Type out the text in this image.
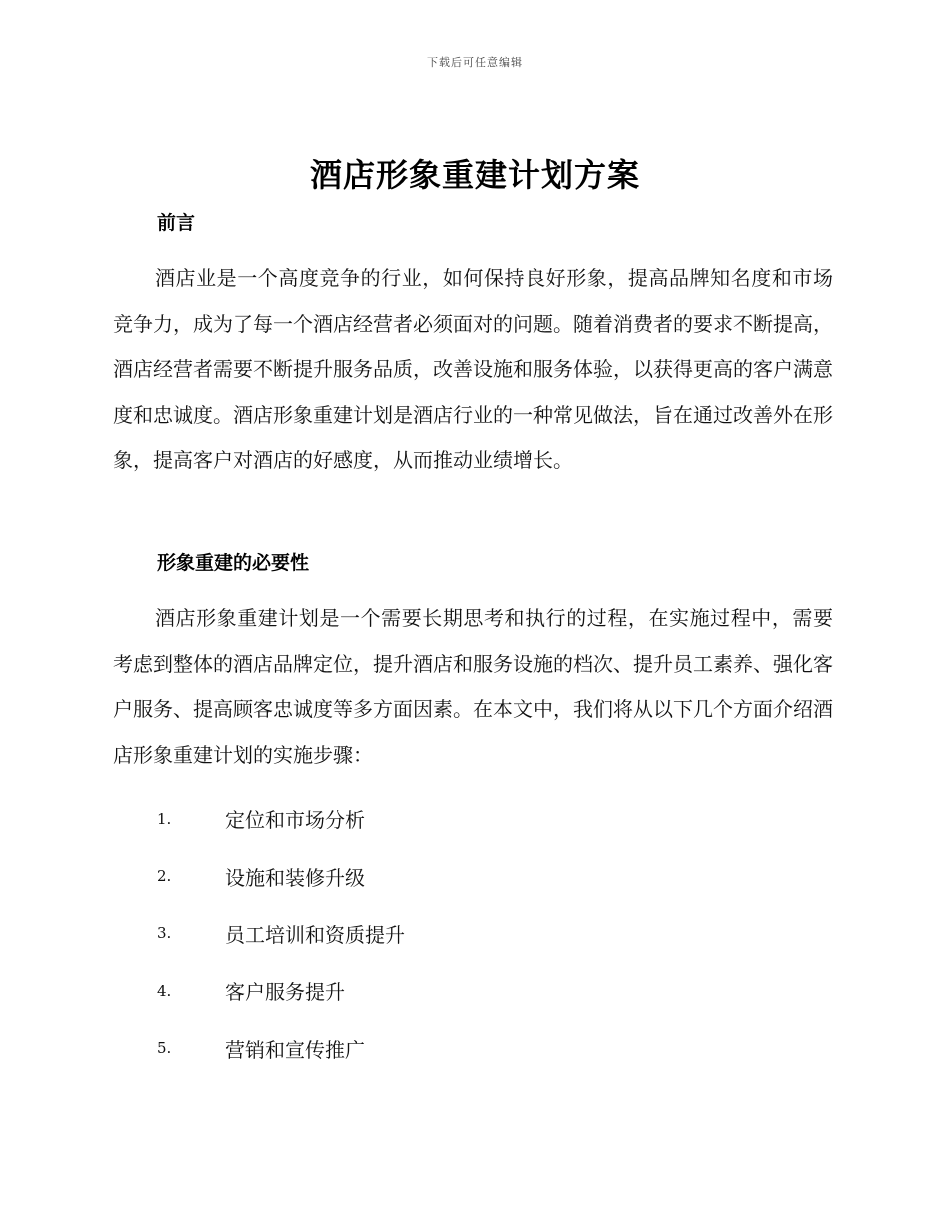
下载后可任意编辑
酒店形象重建计划方案
前言
酒店业是一个高度竞争的行业，如何保持良好形象，提高品牌知名度和市场竞争力，成为了每一个酒店经营者必须面对的问题。随着消费者的要求不断提高，酒店经营者需要不断提升服务品质，改善设施和服务体验，以获得更高的客户满意度和忠诚度。酒店形象重建计划是酒店行业的一种常见做法，旨在通过改善外在形象，提高客户对酒店的好感度，从而推动业绩增长。
形象重建的必要性
酒店形象重建计划是一个需要长期思考和执行的过程，在实施过程中，需要考虑到整体的酒店品牌定位，提升酒店和服务设施的档次、提升员工素养、强化客户服务、提高顾客忠诚度等多方面因素。在本文中，我们将从以下几个方面介绍酒店形象重建计划的实施步骤：
1.	定位和市场分析
2.	设施和装修升级
3.	员工培训和资质提升
4.	客户服务提升
5.	营销和宣传推广
